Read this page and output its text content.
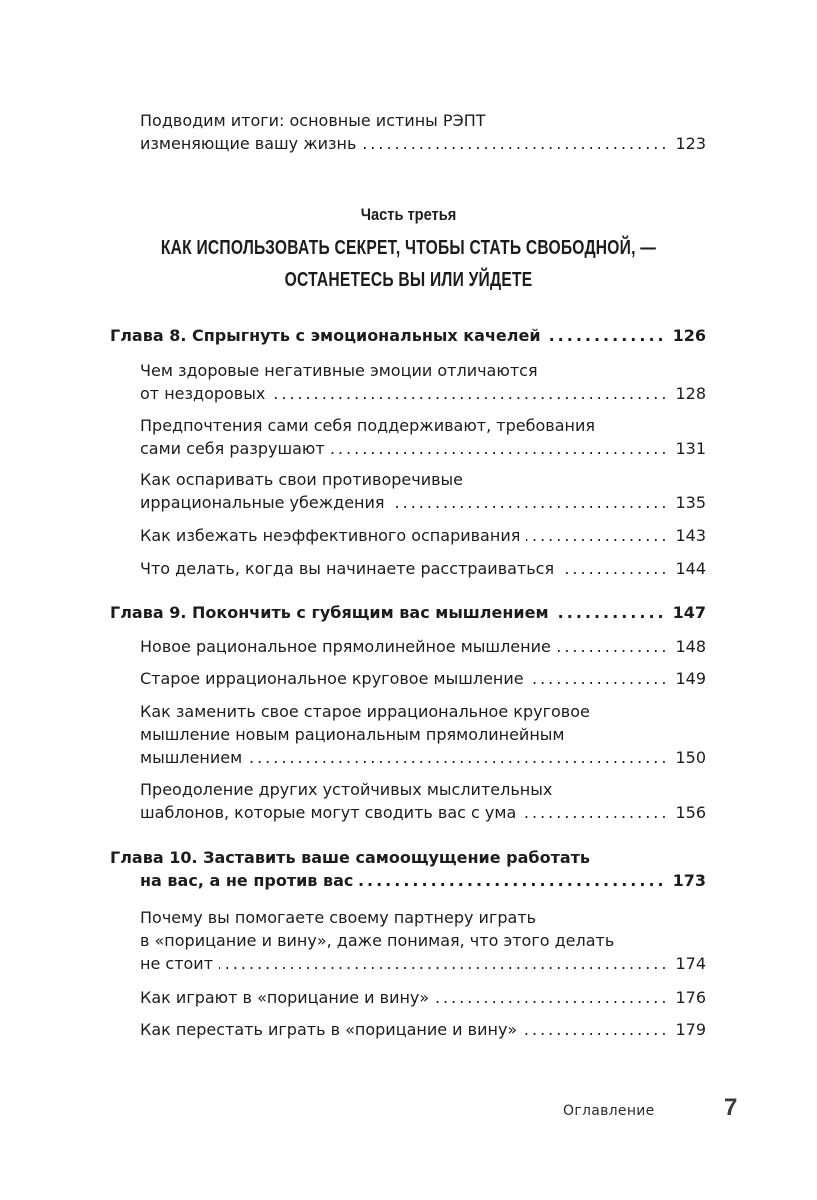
Подводим итоги: основные истины РЭПТ
изменяющие вашу жизнь .....	123
Часть третья
КАК ИСПОЛЬЗОВАТЬ СЕКРЕТ, ЧТОБЫ СТАТЬ СВОБОДНОЙ, —
ОСТАНЕТЕСЬ ВЫ ИЛИ УЙДЕТЕ
Глава 8. Спрыгнуть с эмоциональных качелей .....	126
Чем здоровые негативные эмоции отличаются
от нездоровых .....	128
Предпочтения сами себя поддерживают, требования
сами себя разрушают .....	131
Как оспаривать свои противоречивые
иррациональные убеждения .....	135
Как избежать неэффективного оспаривания .....	143
Что делать, когда вы начинаете расстраиваться .....	144
Глава 9. Покончить с губящим вас мышлением .....	147
Новое рациональное прямолинейное мышление .....	148
Старое иррациональное круговое мышление .....	149
Как заменить свое старое иррациональное круговое
мышление новым рациональным прямолинейным
мышлением .....	150
Преодоление других устойчивых мыслительных
шаблонов, которые могут сводить вас с ума .....	156
Глава 10. Заставить ваше самоощущение работать
на вас, а не против вас .....	173
Почему вы помогаете своему партнеру играть
в «порицание и вину», даже понимая, что этого делать
не стоит .....	174
Как играют в «порицание и вину» .....	176
Как перестать играть в «порицание и вину» .....	179
Оглавление	7
